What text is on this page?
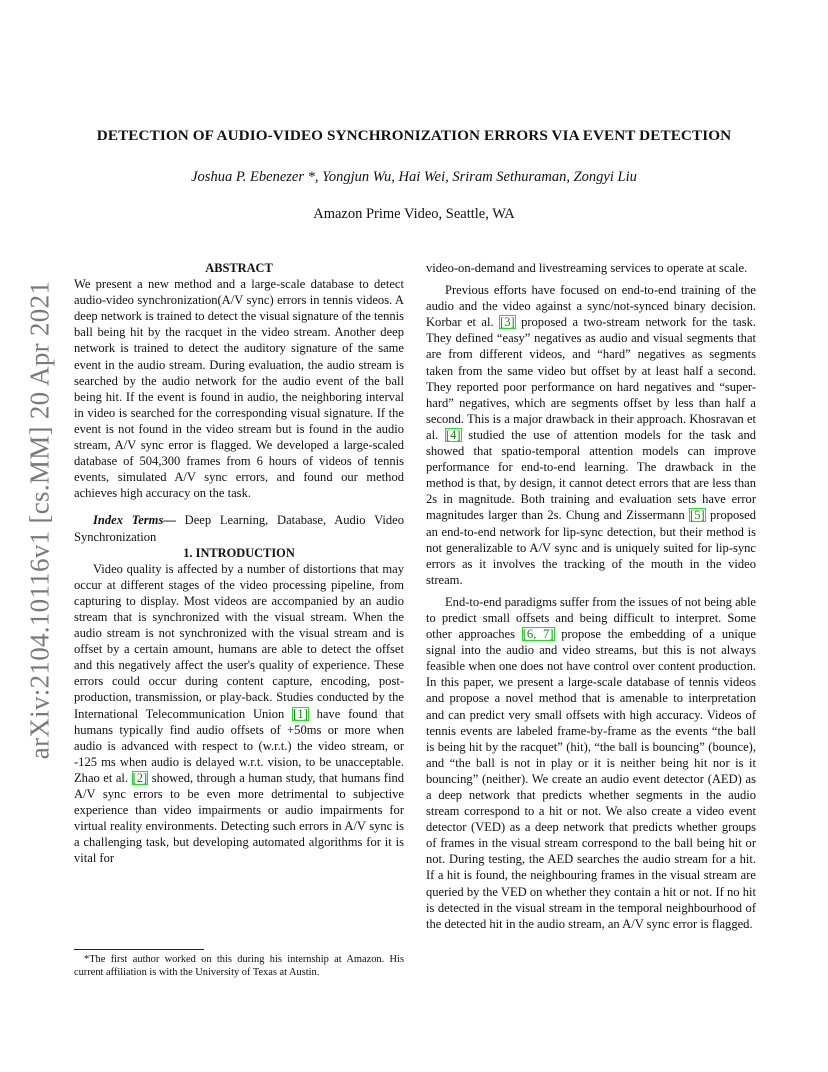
arXiv:2104.10116v1 [cs.MM] 20 Apr 2021
DETECTION OF AUDIO-VIDEO SYNCHRONIZATION ERRORS VIA EVENT DETECTION
Joshua P. Ebenezer *, Yongjun Wu, Hai Wei, Sriram Sethuraman, Zongyi Liu
Amazon Prime Video, Seattle, WA

ABSTRACT

We present a new method and a large-scale database to detect audio-video synchronization(A/V sync) errors in tennis videos. A deep network is trained to detect the visual signature of the tennis ball being hit by the racquet in the video stream. Another deep network is trained to detect the auditory signature of the same event in the audio stream. During evaluation, the audio stream is searched by the audio network for the audio event of the ball being hit. If the event is found in audio, the neighboring interval in video is searched for the corresponding visual signature. If the event is not found in the video stream but is found in the audio stream, A/V sync error is flagged. We developed a large-scaled database of 504,300 frames from 6 hours of videos of tennis events, simulated A/V sync errors, and found our method achieves high accuracy on the task.

Index Terms— Deep Learning, Database, Audio Video Synchronization

1. INTRODUCTION

Video quality is affected by a number of distortions that may occur at different stages of the video processing pipeline, from capturing to display. Most videos are accompanied by an audio stream that is synchronized with the visual stream. When the audio stream is not synchronized with the visual stream and is offset by a certain amount, humans are able to detect the offset and this negatively affect the user's quality of experience. These errors could occur during content capture, encoding, post-production, transmission, or play-back. Studies conducted by the International Telecommunication Union [1] have found that humans typically find audio offsets of +50ms or more when audio is advanced with respect to (w.r.t.) the video stream, or -125 ms when audio is delayed w.r.t. vision, to be unacceptable. Zhao et al. [2] showed, through a human study, that humans find A/V sync errors to be even more detrimental to subjective experience than video impairments or audio impairments for virtual reality environments. Detecting such errors in A/V sync is a challenging task, but developing automated algorithms for it is vital for

video-on-demand and livestreaming services to operate at scale.

Previous efforts have focused on end-to-end training of the audio and the video against a sync/not-synced binary decision. Korbar et al. [3] proposed a two-stream network for the task. They defined “easy” negatives as audio and visual segments that are from different videos, and “hard” negatives as segments taken from the same video but offset by at least half a second. They reported poor performance on hard negatives and “super-hard” negatives, which are segments offset by less than half a second. This is a major drawback in their approach. Khosravan et al. [4] studied the use of attention models for the task and showed that spatio-temporal attention models can improve performance for end-to-end learning. The drawback in the method is that, by design, it cannot detect errors that are less than 2s in magnitude. Both training and evaluation sets have error magnitudes larger than 2s. Chung and Zissermann [5] proposed an end-to-end network for lip-sync detection, but their method is not generalizable to A/V sync and is uniquely suited for lip-sync errors as it involves the tracking of the mouth in the video stream.

End-to-end paradigms suffer from the issues of not being able to predict small offsets and being difficult to interpret. Some other approaches [6, 7] propose the embedding of a unique signal into the audio and video streams, but this is not always feasible when one does not have control over content production. In this paper, we present a large-scale database of tennis videos and propose a novel method that is amenable to interpretation and can predict very small offsets with high accuracy. Videos of tennis events are labeled frame-by-frame as the events “the ball is being hit by the racquet” (hit), “the ball is bouncing” (bounce), and “the ball is not in play or it is neither being hit nor is it bouncing” (neither). We create an audio event detector (AED) as a deep network that predicts whether segments in the audio stream correspond to a hit or not. We also create a video event detector (VED) as a deep network that predicts whether groups of frames in the visual stream correspond to the ball being hit or not. During testing, the AED searches the audio stream for a hit. If a hit is found, the neighbouring frames in the visual stream are queried by the VED on whether they contain a hit or not. If no hit is detected in the visual stream in the temporal neighbourhood of the detected hit in the audio stream, an A/V sync error is flagged.

*The first author worked on this during his internship at Amazon. His current affiliation is with the University of Texas at Austin.
